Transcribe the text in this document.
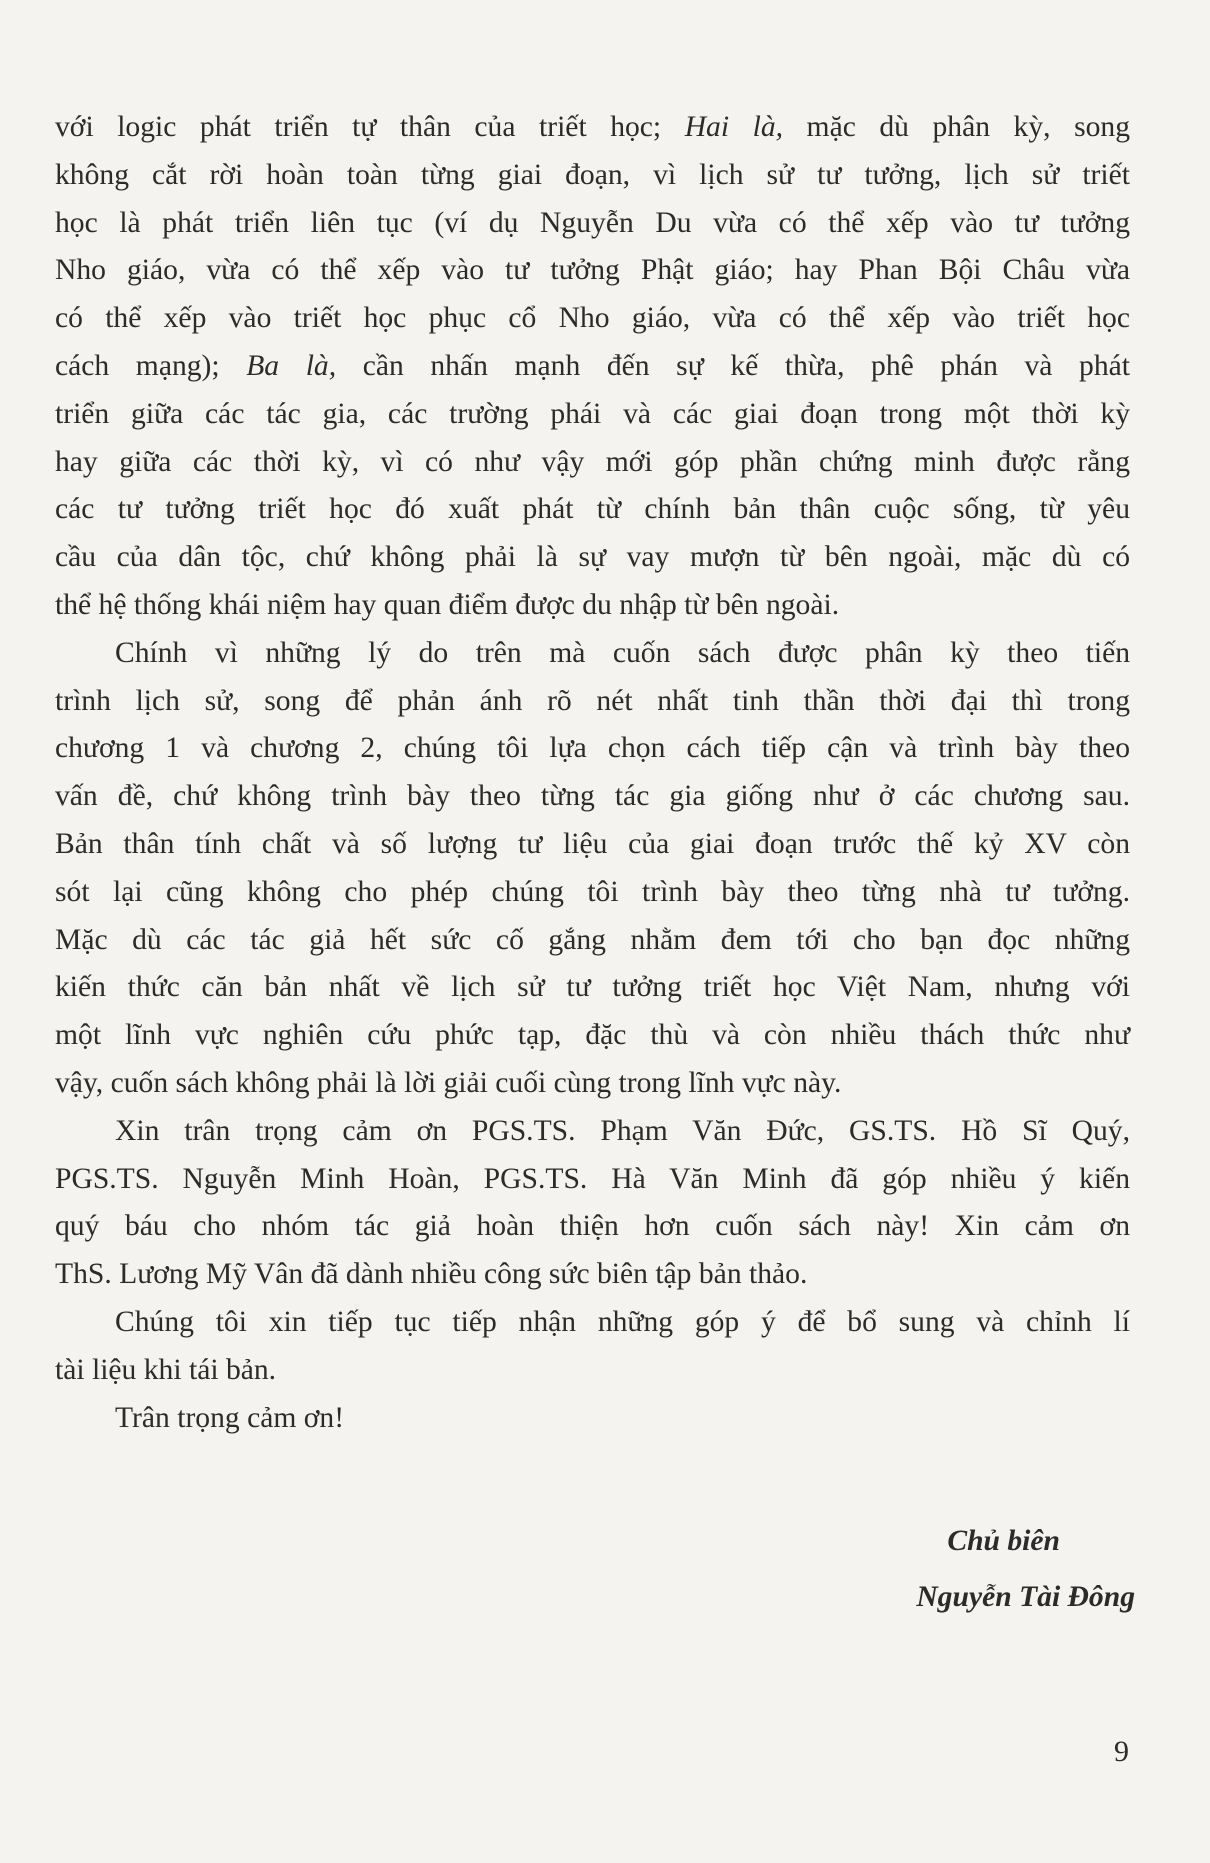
với logic phát triển tự thân của triết học; Hai là, mặc dù phân kỳ, song
không cắt rời hoàn toàn từng giai đoạn, vì lịch sử tư tưởng, lịch sử triết
học là phát triển liên tục (ví dụ Nguyễn Du vừa có thể xếp vào tư tưởng
Nho giáo, vừa có thể xếp vào tư tưởng Phật giáo; hay Phan Bội Châu vừa
có thể xếp vào triết học phục cổ Nho giáo, vừa có thể xếp vào triết học
cách mạng); Ba là, cần nhấn mạnh đến sự kế thừa, phê phán và phát
triển giữa các tác gia, các trường phái và các giai đoạn trong một thời kỳ
hay giữa các thời kỳ, vì có như vậy mới góp phần chứng minh được rằng
các tư tưởng triết học đó xuất phát từ chính bản thân cuộc sống, từ yêu
cầu của dân tộc, chứ không phải là sự vay mượn từ bên ngoài, mặc dù có
thể hệ thống khái niệm hay quan điểm được du nhập từ bên ngoài.
Chính vì những lý do trên mà cuốn sách được phân kỳ theo tiến
trình lịch sử, song để phản ánh rõ nét nhất tinh thần thời đại thì trong
chương 1 và chương 2, chúng tôi lựa chọn cách tiếp cận và trình bày theo
vấn đề, chứ không trình bày theo từng tác gia giống như ở các chương sau.
Bản thân tính chất và số lượng tư liệu của giai đoạn trước thế kỷ XV còn
sót lại cũng không cho phép chúng tôi trình bày theo từng nhà tư tưởng.
Mặc dù các tác giả hết sức cố gắng nhằm đem tới cho bạn đọc những
kiến thức căn bản nhất về lịch sử tư tưởng triết học Việt Nam, nhưng với
một lĩnh vực nghiên cứu phức tạp, đặc thù và còn nhiều thách thức như
vậy, cuốn sách không phải là lời giải cuối cùng trong lĩnh vực này.
Xin trân trọng cảm ơn PGS.TS. Phạm Văn Đức, GS.TS. Hồ Sĩ Quý,
PGS.TS. Nguyễn Minh Hoàn, PGS.TS. Hà Văn Minh đã góp nhiều ý kiến
quý báu cho nhóm tác giả hoàn thiện hơn cuốn sách này! Xin cảm ơn
ThS. Lương Mỹ Vân đã dành nhiều công sức biên tập bản thảo.
Chúng tôi xin tiếp tục tiếp nhận những góp ý để bổ sung và chỉnh lí
tài liệu khi tái bản.
Trân trọng cảm ơn!
Chủ biên
Nguyễn Tài Đông
9
